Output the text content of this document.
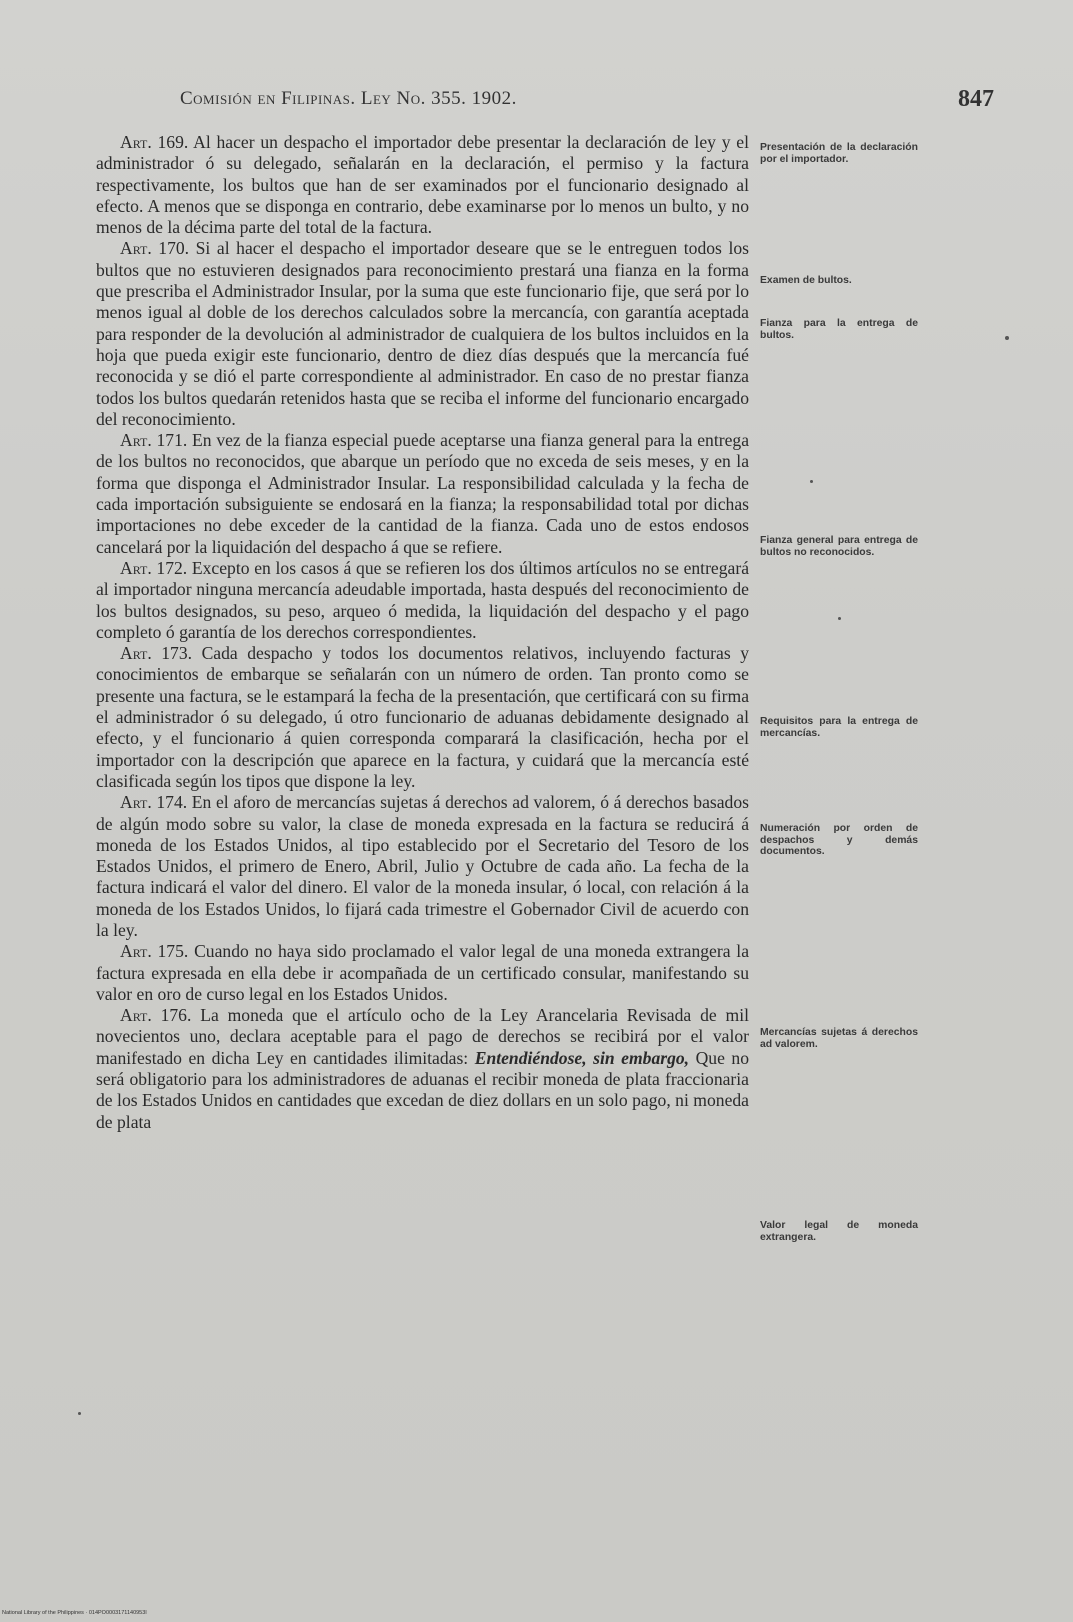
Comisión en Filipinas. Ley No. 355. 1902.	847

Art. 169. Al hacer un despacho el importador debe presentar la declaración de ley y el administrador ó su delegado, señalarán en la declaración, el permiso y la factura respectivamente, los bultos que han de ser examinados por el funcionario designado al efecto. A menos que se disponga en contrario, debe examinarse por lo menos un bulto, y no menos de la décima parte del total de la factura.

Art. 170. Si al hacer el despacho el importador deseare que se le entreguen todos los bultos que no estuvieren designados para reconocimiento prestará una fianza en la forma que prescriba el Administrador Insular, por la suma que este funcionario fije, que será por lo menos igual al doble de los derechos calculados sobre la mercancía, con garantía aceptada para responder de la devolución al administrador de cualquiera de los bultos incluidos en la hoja que pueda exigir este funcionario, dentro de diez días después que la mercancía fué reconocida y se dió el parte correspondiente al administrador. En caso de no prestar fianza todos los bultos quedarán retenidos hasta que se reciba el informe del funcionario encargado del reconocimiento.

Art. 171. En vez de la fianza especial puede aceptarse una fianza general para la entrega de los bultos no reconocidos, que abarque un período que no exceda de seis meses, y en la forma que disponga el Administrador Insular. La responsibilidad calculada y la fecha de cada importación subsiguiente se endosará en la fianza; la responsabilidad total por dichas importaciones no debe exceder de la cantidad de la fianza. Cada uno de estos endosos cancelará por la liquidación del despacho á que se refiere.

Art. 172. Excepto en los casos á que se refieren los dos últimos artículos no se entregará al importador ninguna mercancía adeudable importada, hasta después del reconocimiento de los bultos designados, su peso, arqueo ó medida, la liquidación del despacho y el pago completo ó garantía de los derechos correspondientes.

Art. 173. Cada despacho y todos los documentos relativos, incluyendo facturas y conocimientos de embarque se señalarán con un número de orden. Tan pronto como se presente una factura, se le estampará la fecha de la presentación, que certificará con su firma el administrador ó su delegado, ú otro funcionario de aduanas debidamente designado al efecto, y el funcionario á quien corresponda comparará la clasificación, hecha por el importador con la descripción que aparece en la factura, y cuidará que la mercancía esté clasificada según los tipos que dispone la ley.

Art. 174. En el aforo de mercancías sujetas á derechos ad valorem, ó á derechos basados de algún modo sobre su valor, la clase de moneda expresada en la factura se reducirá á moneda de los Estados Unidos, al tipo establecido por el Secretario del Tesoro de los Estados Unidos, el primero de Enero, Abril, Julio y Octubre de cada año. La fecha de la factura indicará el valor del dinero. El valor de la moneda insular, ó local, con relación á la moneda de los Estados Unidos, lo fijará cada trimestre el Gobernador Civil de acuerdo con la ley.

Art. 175. Cuando no haya sido proclamado el valor legal de una moneda extrangera la factura expresada en ella debe ir acompañada de un certificado consular, manifestando su valor en oro de curso legal en los Estados Unidos.

Art. 176. La moneda que el artículo ocho de la Ley Arancelaria Revisada de mil novecientos uno, declara aceptable para el pago de derechos se recibirá por el valor manifestado en dicha Ley en cantidades ilimitadas: Entendiéndose, sin embargo, Que no será obligatorio para los administradores de aduanas el recibir moneda de plata fraccionaria de los Estados Unidos en cantidades que excedan de diez dollars en un solo pago, ni moneda de plata

Presentación de la declaración por el importador.
Examen de bultos.
Fianza para la entrega de bultos.
Fianza general para entrega de bultos no reconocidos.
Requisitos para la entrega de mercancías.
Numeración por orden de despachos y demás documentos.
Mercancías sujetas á derechos ad valorem.
Valor legal de moneda extrangera.
National Library of the Philippines · 014PO0003171140953I
